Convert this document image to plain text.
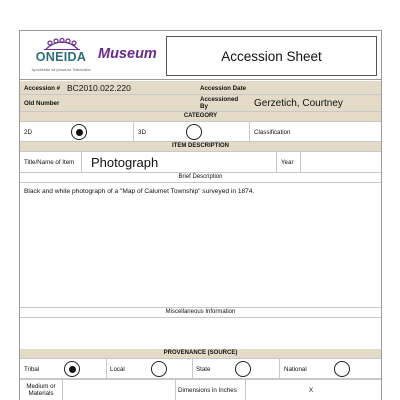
ONEIDA
Ayunhéhslu ká·yukwa:ka Tsitemukha
Museum	Accession Sheet
Accession # BC2010.022.220	Accession Date
Old Number
Accessioned By	Gerzetich, Courtney
CATEGORY
2D	3D	Classification
ITEM DESCRIPTION
Title/Name of Item Photograph	Year
Brief Description
Black and white photograph of a "Map of Calumet Township" surveyed in 1874.
Miscellaneous Information
PROVENANCE (SOURCE)
Tribal	Local	State	National
Medium or Materials	Dimensions in Inches	X
